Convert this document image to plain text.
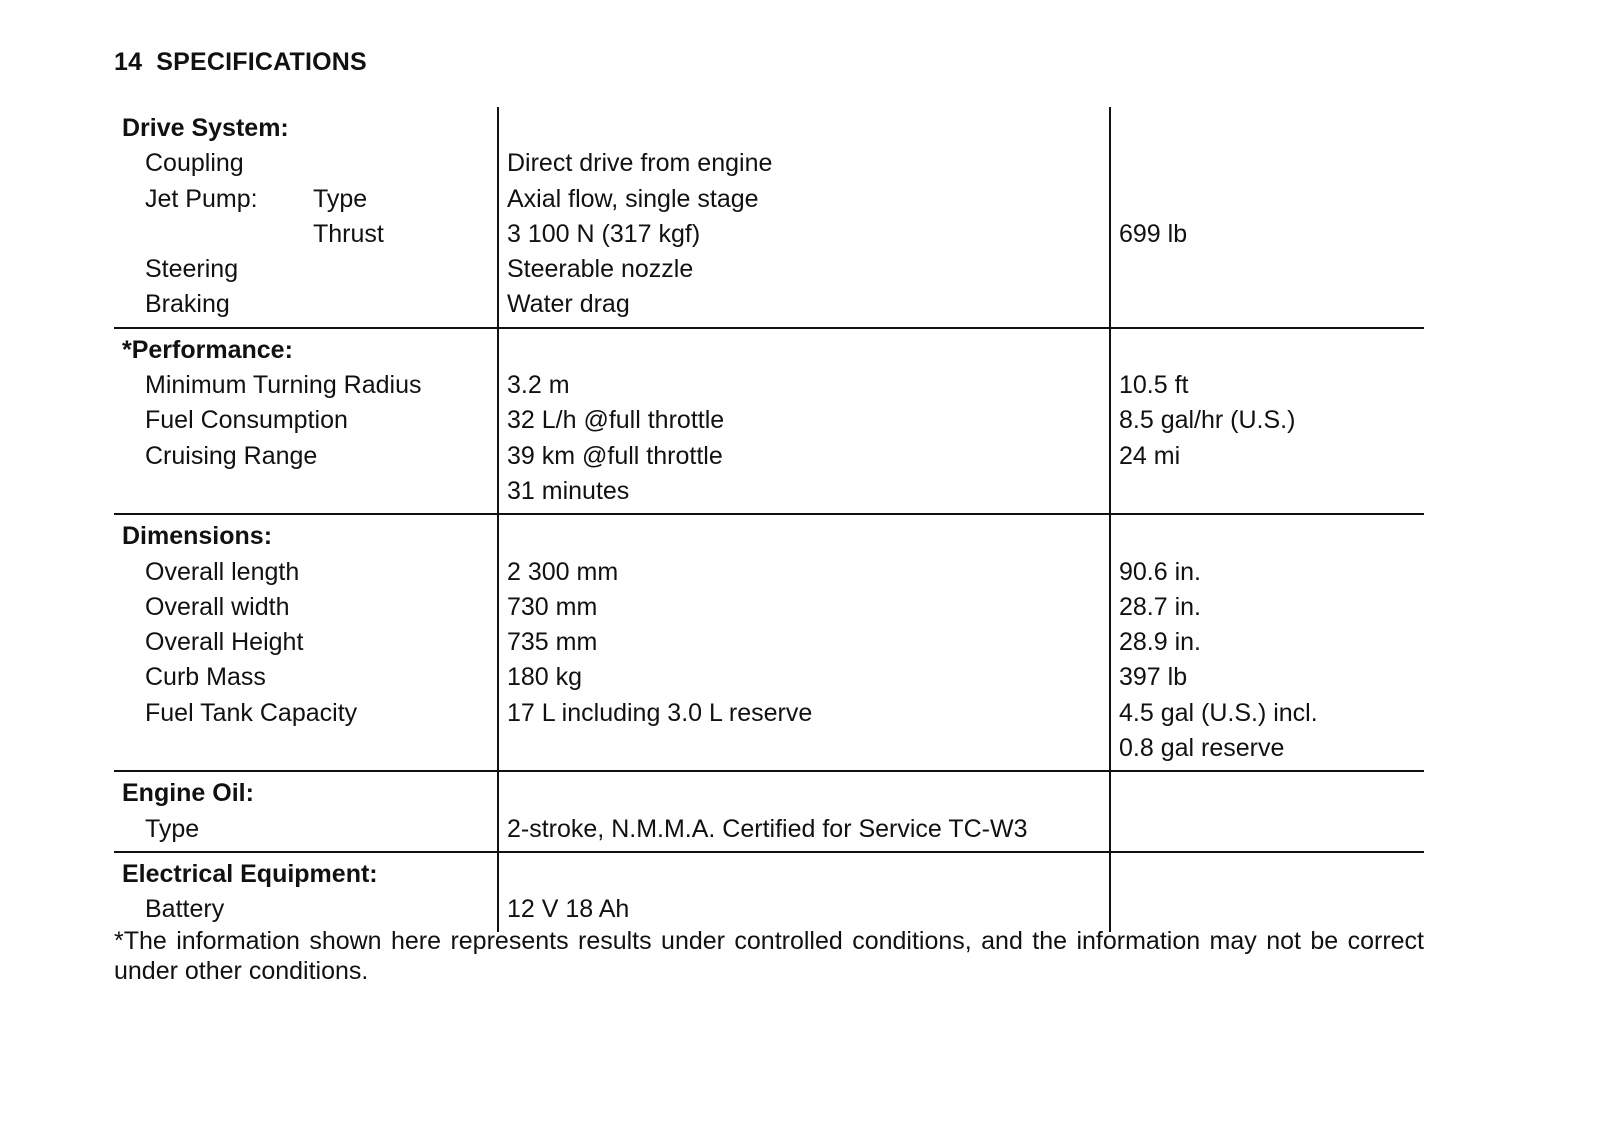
14 SPECIFICATIONS
Drive System:
Coupling
Jet Pump: Type
Thrust
Steering
Braking
Direct drive from engine
Axial flow, single stage
3 100 N (317 kgf)
Steerable nozzle
Water drag
699 lb
*Performance:
Minimum Turning Radius
Fuel Consumption
Cruising Range
3.2 m
32 L/h @full throttle
39 km @full throttle
31 minutes
10.5 ft
8.5 gal/hr (U.S.)
24 mi
Dimensions:
Overall length
Overall width
Overall Height
Curb Mass
Fuel Tank Capacity
2 300 mm
730 mm
735 mm
180 kg
17 L including 3.0 L reserve
90.6 in.
28.7 in.
28.9 in.
397 lb
4.5 gal (U.S.) incl.
0.8 gal reserve
Engine Oil:
Type	2-stroke, N.M.M.A. Certified for Service TC-W3
Electrical Equipment:
Battery	12 V 18 Ah
*The information shown here represents results under controlled conditions, and the information may not be correct under other conditions.
